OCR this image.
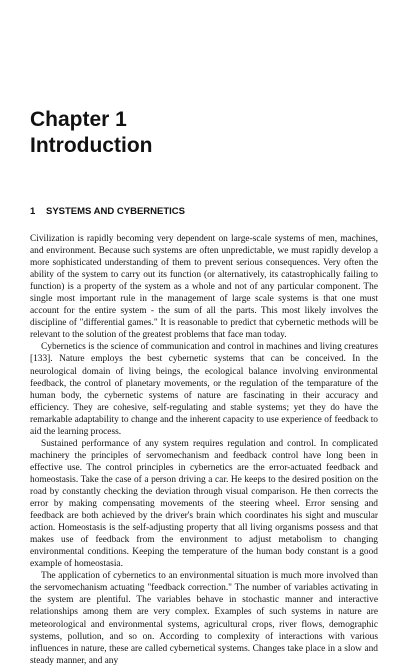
Chapter 1
Introduction
1 SYSTEMS AND CYBERNETICS

Civilization is rapidly becoming very dependent on large-scale systems of men, machines, and environment. Because such systems are often unpredictable, we must rapidly develop a more sophisticated understanding of them to prevent serious consequences. Very often the ability of the system to carry out its function (or alternatively, its catastrophically failing to function) is a property of the system as a whole and not of any particular component. The single most important rule in the management of large scale systems is that one must account for the entire system - the sum of all the parts. This most likely involves the discipline of "differential games." It is reasonable to predict that cybernetic methods will be relevant to the solution of the greatest problems that face man today.

Cybernetics is the science of communication and control in machines and living creatures [133]. Nature employs the best cybernetic systems that can be conceived. In the neurological domain of living beings, the ecological balance involving environmental feedback, the control of planetary movements, or the regulation of the temparature of the human body, the cybernetic systems of nature are fascinating in their accuracy and efficiency. They are cohesive, self-regulating and stable systems; yet they do have the remarkable adaptability to change and the inherent capacity to use experience of feedback to aid the learning process.

Sustained performance of any system requires regulation and control. In complicated machinery the principles of servomechanism and feedback control have long been in effective use. The control principles in cybernetics are the error-actuated feedback and homeostasis. Take the case of a person driving a car. He keeps to the desired position on the road by constantly checking the deviation through visual comparison. He then corrects the error by making compensating movements of the steering wheel. Error sensing and feedback are both achieved by the driver's brain which coordinates his sight and muscular action. Homeostasis is the self-adjusting property that all living organisms possess and that makes use of feedback from the environment to adjust metabolism to changing environmental conditions. Keeping the temperature of the human body constant is a good example of homeostasia.

The application of cybernetics to an environmental situation is much more involved than the servomechanism actuating "feedback correction." The number of variables activating in the system are plentiful. The variables behave in stochastic manner and interactive relationships among them are very complex. Examples of such systems in nature are meteorological and environmental systems, agricultural crops, river flows, demographic systems, pollution, and so on. According to complexity of interactions with various influences in nature, these are called cybernetical systems. Changes take place in a slow and steady manner, and any
